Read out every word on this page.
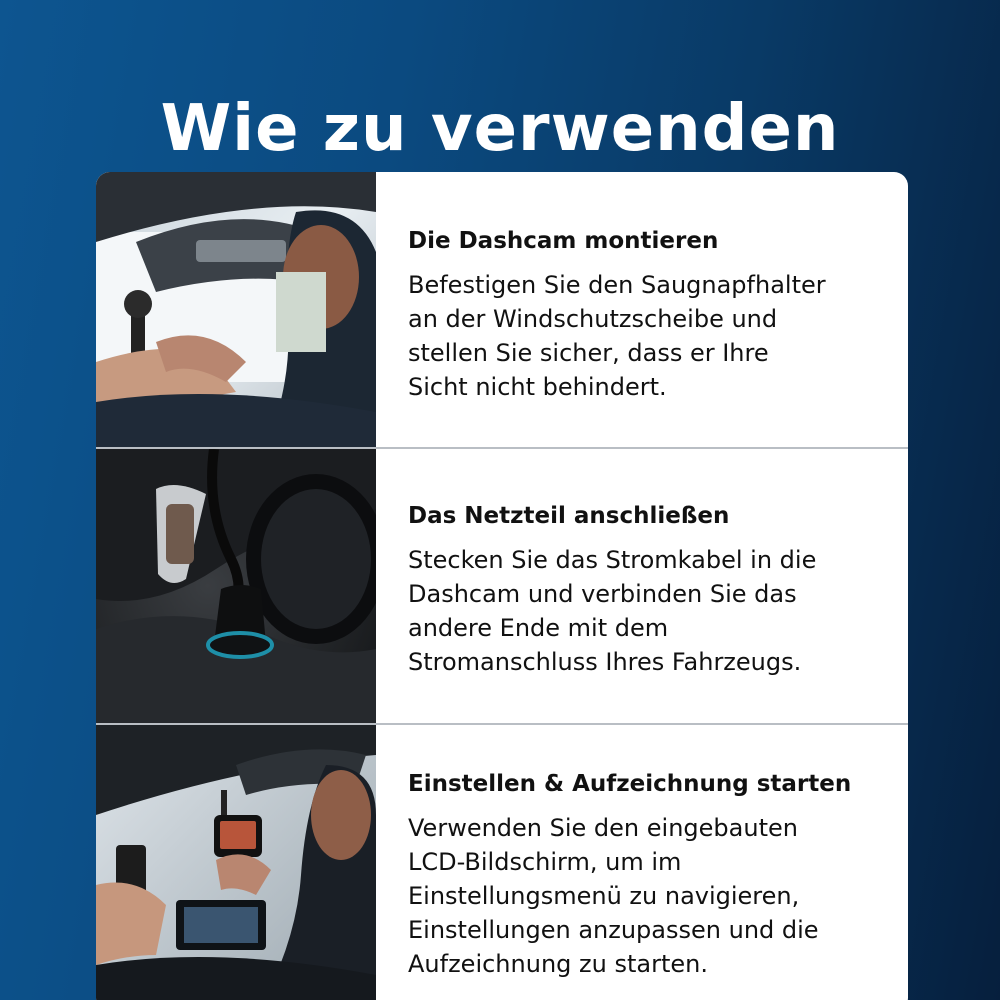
Wie zu verwenden

Die Dashcam montieren

Befestigen Sie den Saugnapfhalter
an der Windschutzscheibe und
stellen Sie sicher, dass er Ihre
Sicht nicht behindert.

Das Netzteil anschließen

Stecken Sie das Stromkabel in die
Dashcam und verbinden Sie das
andere Ende mit dem
Stromanschluss Ihres Fahrzeugs.

Einstellen & Aufzeichnung starten

Verwenden Sie den eingebauten
LCD-Bildschirm, um im
Einstellungsmenü zu navigieren,
Einstellungen anzupassen und die
Aufzeichnung zu starten.
